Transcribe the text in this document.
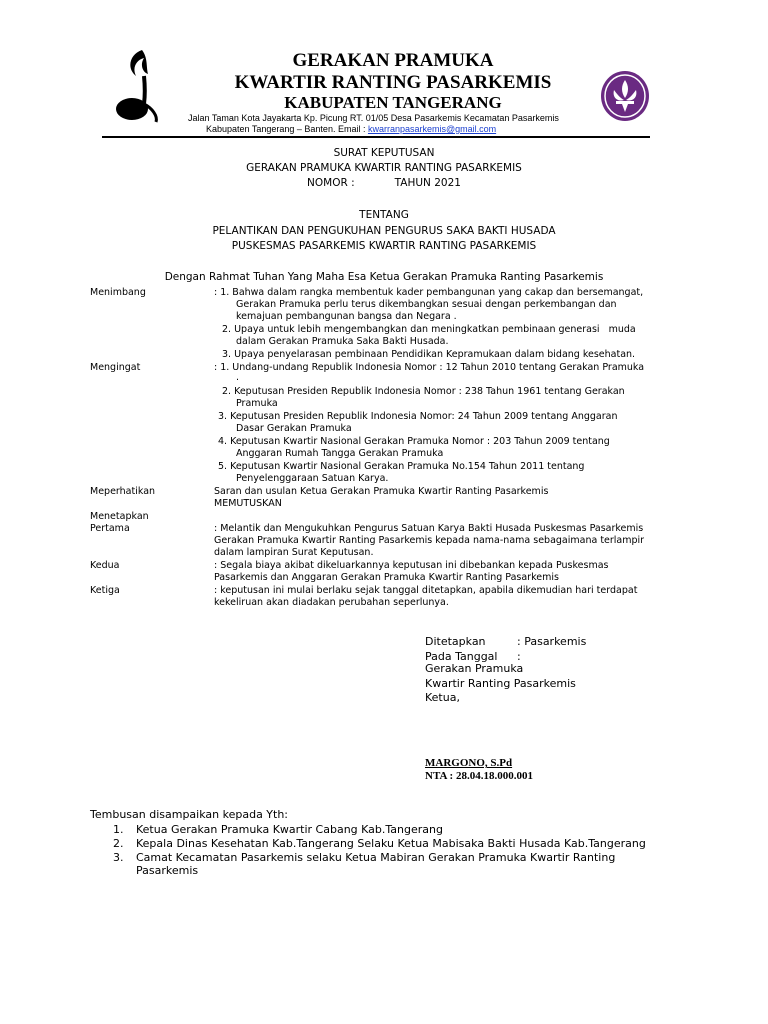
GERAKAN PRAMUKA
KWARTIR RANTING PASARKEMIS
KABUPATEN TANGERANG
Jalan Taman Kota Jayakarta Kp. Picung RT. 01/05 Desa Pasarkemis Kecamatan Pasarkemis
Kabupaten Tangerang – Banten. Email : kwarranpasarkemis@gmail.com
SURAT KEPUTUSAN
GERAKAN PRAMUKA KWARTIR RANTING PASARKEMIS
NOMOR :            TAHUN 2021
TENTANG
PELANTIKAN DAN PENGUKUHAN PENGURUS SAKA BAKTI HUSADA
PUSKESMAS PASARKEMIS KWARTIR RANTING PASARKEMIS
Dengan Rahmat Tuhan Yang Maha Esa Ketua Gerakan Pramuka Ranting Pasarkemis
Menimbang
Mengingat
Meperhatikan
Menetapkan
Pertama
Kedua
Ketiga
: 1. Bahwa dalam rangka membentuk kader pembangunan yang cakap dan bersemangat,
Gerakan Pramuka perlu terus dikembangkan sesuai dengan perkembangan dan
kemajuan pembangunan bangsa dan Negara .
2. Upaya untuk lebih mengembangkan dan meningkatkan pembinaan generasi   muda
dalam Gerakan Pramuka Saka Bakti Husada.
3. Upaya penyelarasan pembinaan Pendidikan Kepramukaan dalam bidang kesehatan.
: 1. Undang-undang Republik Indonesia Nomor : 12 Tahun 2010 tentang Gerakan Pramuka
.
2. Keputusan Presiden Republik Indonesia Nomor : 238 Tahun 1961 tentang Gerakan
Pramuka
3. Keputusan Presiden Republik Indonesia Nomor: 24 Tahun 2009 tentang Anggaran
Dasar Gerakan Pramuka
4. Keputusan Kwartir Nasional Gerakan Pramuka Nomor : 203 Tahun 2009 tentang
Anggaran Rumah Tangga Gerakan Pramuka
5. Keputusan Kwartir Nasional Gerakan Pramuka No.154 Tahun 2011 tentang
Penyelenggaraan Satuan Karya.
Saran dan usulan Ketua Gerakan Pramuka Kwartir Ranting Pasarkemis
MEMUTUSKAN
: Melantik dan Mengukuhkan Pengurus Satuan Karya Bakti Husada Puskesmas Pasarkemis
Gerakan Pramuka Kwartir Ranting Pasarkemis kepada nama-nama sebagaimana terlampir
dalam lampiran Surat Keputusan.
: Segala biaya akibat dikeluarkannya keputusan ini dibebankan kepada Puskesmas
Pasarkemis dan Anggaran Gerakan Pramuka Kwartir Ranting Pasarkemis
: keputusan ini mulai berlaku sejak tanggal ditetapkan, apabila dikemudian hari terdapat
kekeliruan akan diadakan perubahan seperlunya.
Ditetapkan	: Pasarkemis
Pada Tanggal :
Gerakan Pramuka
Kwartir Ranting Pasarkemis
Ketua,
MARGONO, S.Pd
NTA : 28.04.18.000.001
Tembusan disampaikan kepada Yth:
1. Ketua Gerakan Pramuka Kwartir Cabang Kab.Tangerang
2. Kepala Dinas Kesehatan Kab.Tangerang Selaku Ketua Mabisaka Bakti Husada Kab.Tangerang
3. Camat Kecamatan Pasarkemis selaku Ketua Mabiran Gerakan Pramuka Kwartir Ranting
Pasarkemis
